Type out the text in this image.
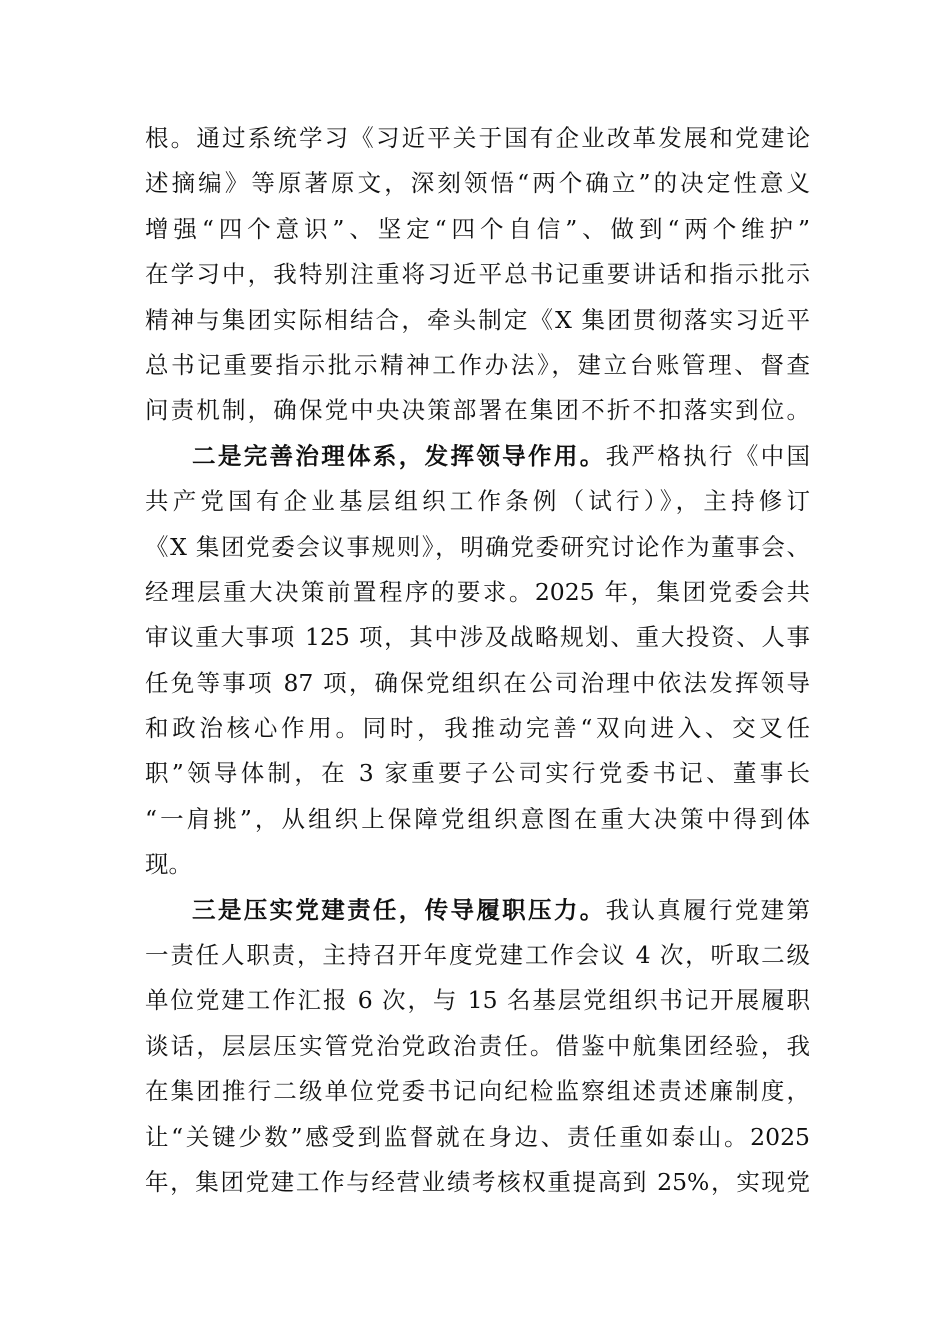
根。通过系统学习《习近平关于国有企业改革发展和党建论
述摘编》等原著原文，深刻领悟“两个确立”的决定性意义
增强“四个意识”、坚定“四个自信”、做到“两个维护”
在学习中，我特别注重将习近平总书记重要讲话和指示批示
精神与集团实际相结合，牵头制定《X 集团贯彻落实习近平
总书记重要指示批示精神工作办法》，建立台账管理、督查
问责机制，确保党中央决策部署在集团不折不扣落实到位。
二是完善治理体系，发挥领导作用。我严格执行《中国
共产党国有企业基层组织工作条例（试行）》，主持修订
《X 集团党委会议事规则》，明确党委研究讨论作为董事会、
经理层重大决策前置程序的要求。2025 年，集团党委会共
审议重大事项 125 项，其中涉及战略规划、重大投资、人事
任免等事项 87 项，确保党组织在公司治理中依法发挥领导
和政治核心作用。同时，我推动完善“双向进入、交叉任
职”领导体制，在 3 家重要子公司实行党委书记、董事长
“一肩挑”，从组织上保障党组织意图在重大决策中得到体
现。
三是压实党建责任，传导履职压力。我认真履行党建第
一责任人职责，主持召开年度党建工作会议 4 次，听取二级
单位党建工作汇报 6 次，与 15 名基层党组织书记开展履职
谈话，层层压实管党治党政治责任。借鉴中航集团经验，我
在集团推行二级单位党委书记向纪检监察组述责述廉制度，
让“关键少数”感受到监督就在身边、责任重如泰山。2025
年，集团党建工作与经营业绩考核权重提高到 25%，实现党
